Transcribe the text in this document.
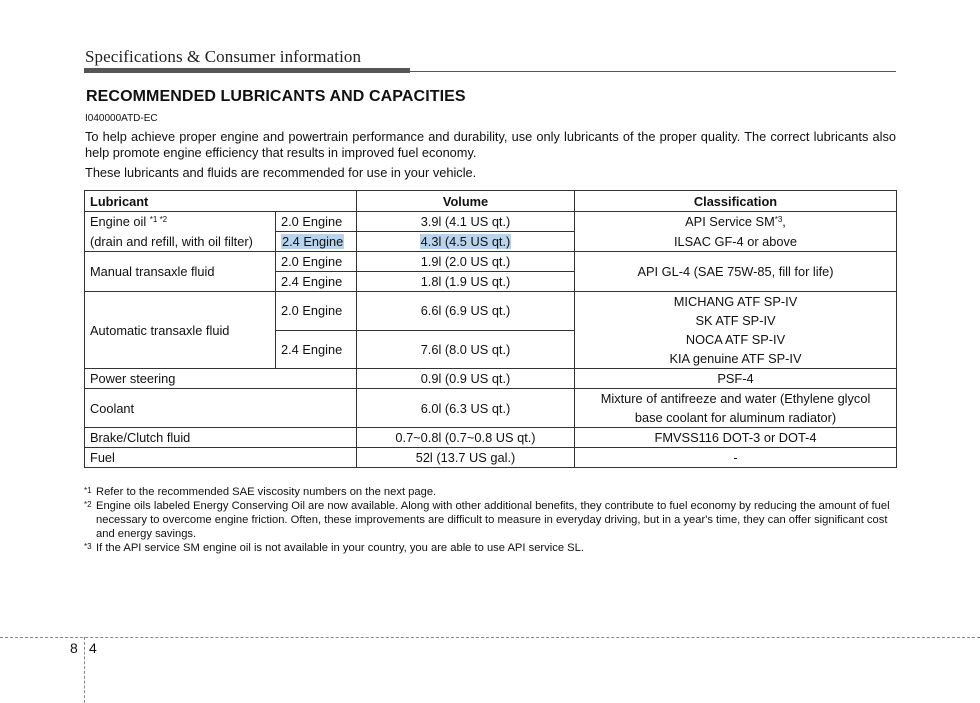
Specifications & Consumer information
RECOMMENDED LUBRICANTS AND CAPACITIES
I040000ATD-EC
To help achieve proper engine and powertrain performance and durability, use only lubricants of the proper quality. The correct lubricants also help promote engine efficiency that results in improved fuel economy.
These lubricants and fluids are recommended for use in your vehicle.
Lubricant		Volume	Classification
Engine oil $^{*1 *2}$	2.0 Engine	3.9l (4.1 US qt.)	API Service SM$^{*3}$,
(drain and refill, with oil filter)	2.4 Engine	4.3l (4.5 US qt.)	ILSAC GF-4 or above
Manual transaxle fluid	2.0 Engine	1.9l (2.0 US qt.)	API GL-4 (SAE 75W-85, fill for life)
	2.4 Engine	1.8l (1.9 US qt.)	
Automatic transaxle fluid	2.0 Engine	6.6l (6.9 US qt.)	MICHANG ATF SP-IV
SK ATF SP-IV

	2.4 Engine	7.6l (8.0 US qt.)	NOCA ATF SP-IV
KIA genuine ATF SP-IV

Power steering		0.9l (0.9 US qt.)	PSF-4
Coolant		6.0l (6.3 US qt.)	Mixture of antifreeze and water (Ethylene glycol
base coolant for aluminum radiator)

Brake/Clutch fluid		0.7~0.8l (0.7~0.8 US qt.)	FMVSS116 DOT-3 or DOT-4
Fuel		52l (13.7 US gal.)	-
*1 Refer to the recommended SAE viscosity numbers on the next page.
*2 Engine oils labeled Energy Conserving Oil are now available. Along with other additional benefits, they contribute to fuel economy by reducing the amount of fuel necessary to overcome engine friction. Often, these improvements are difficult to measure in everyday driving, but in a year's time, they can offer significant cost and energy savings.
*3 If the API service SM engine oil is not available in your country, you are able to use API service SL.
8 4
